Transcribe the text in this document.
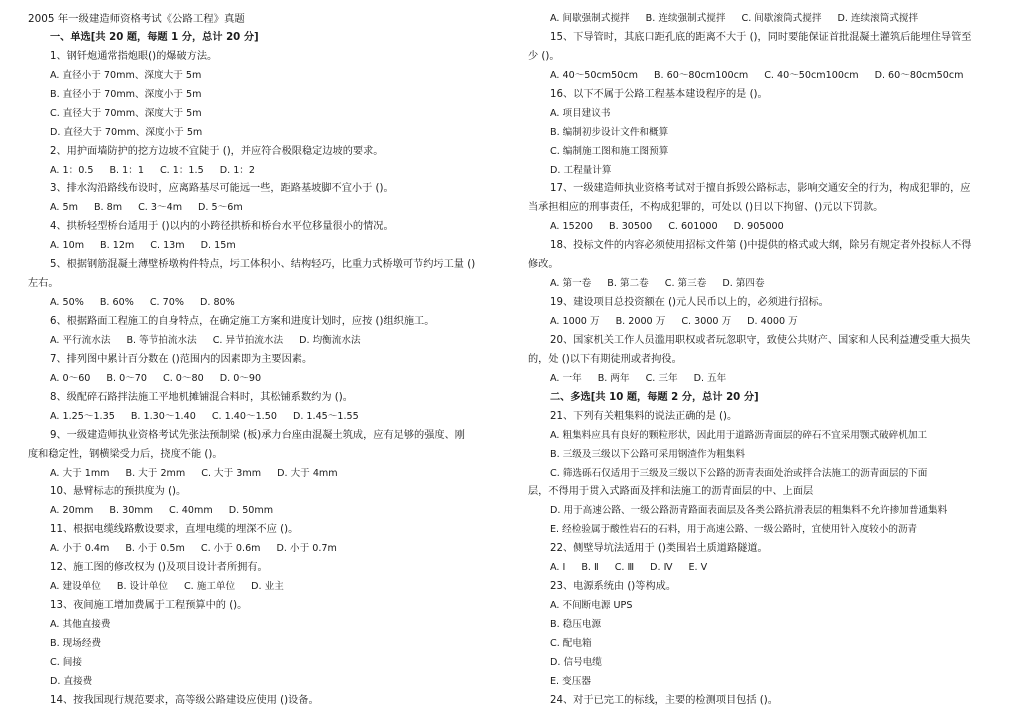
2005 年一级建造师资格考试《公路工程》真题
一、单选[共 20 题，每题 1 分，总计 20 分]
1、钢钎炮通常指炮眼()的爆破方法。
A. 直径小于 70mm、深度大于 5m
B. 直径小于 70mm、深度小于 5m
C. 直径大于 70mm、深度大于 5m
D. 直径大于 70mm、深度小于 5m
2、用护面墙防护的挖方边坡不宜陡于 ()，并应符合极限稳定边坡的要求。
A. 1：0.5 B. 1：1 C. 1：1.5 D. 1：2
3、排水沟沿路线布设时，应离路基尽可能远一些，距路基坡脚不宜小于 ()。
A. 5m B. 8m C. 3～4m D. 5～6m
4、拱桥轻型桥台适用于 ()以内的小跨径拱桥和桥台水平位移量很小的情况。
A. 10m B. 12m C. 13m D. 15m
5、根据钢筋混凝土薄壁桥墩构件特点，圬工体积小、结构轻巧，比重力式桥墩可节约圬工量 ()
左右。
A. 50% B. 60% C. 70% D. 80%
6、根据路面工程施工的自身特点，在确定施工方案和进度计划时，应按 ()组织施工。
A. 平行流水法 B. 等节拍流水法 C. 异节拍流水法 D. 均衡流水法
7、排列图中累计百分数在 ()范围内的因素即为主要因素。
A. 0～60 B. 0～70 C. 0～80 D. 0～90
8、级配碎石路拌法施工平地机摊铺混合料时，其松铺系数约为 ()。
A. 1.25～1.35 B. 1.30～1.40 C. 1.40～1.50 D. 1.45～1.55
9、一级建造师执业资格考试先张法预制梁 (板)承力台座由混凝土筑成，应有足够的强度、刚
度和稳定性，钢横梁受力后，挠度不能 ()。
A. 大于 1mm B. 大于 2mm C. 大于 3mm D. 大于 4mm
10、悬臂标志的预拱度为 ()。
A. 20mm B. 30mm C. 40mm D. 50mm
11、根据电缆线路敷设要求，直埋电缆的埋深不应 ()。
A. 小于 0.4m B. 小于 0.5m C. 小于 0.6m D. 小于 0.7m
12、施工图的修改权为 ()及项目设计者所拥有。
A. 建设单位 B. 设计单位 C. 施工单位 D. 业主
13、夜间施工增加费属于工程预算中的 ()。
A. 其他直接费
B. 现场经费
C. 间接
D. 直接费
14、按我国现行规范要求，高等级公路建设应使用 ()设备。
A. 间歇强制式搅拌 B. 连续强制式搅拌 C. 间歇滚筒式搅拌 D. 连续滚筒式搅拌
15、下导管时，其底口距孔底的距离不大于 ()，同时要能保证首批混凝土灌筑后能埋住导管至
少 ()。
A. 40～50cm50cm B. 60～80cm100cm C. 40～50cm100cm D. 60～80cm50cm
16、以下不属于公路工程基本建设程序的是 ()。
A. 项目建议书
B. 编制初步设计文件和概算
C. 编制施工图和施工图预算
D. 工程量计算
17、一级建造师执业资格考试对于擅自拆毁公路标志，影响交通安全的行为，构成犯罪的，应
当承担相应的刑事责任，不构成犯罪的，可处以 ()日以下拘留、()元以下罚款。
A. 15200 B. 30500 C. 601000 D. 905000
18、投标文件的内容必须使用招标文件第 ()中提供的格式或大纲，除另有规定者外投标人不得
修改。
A. 第一卷 B. 第二卷 C. 第三卷 D. 第四卷
19、建设项目总投资额在 ()元人民币以上的，必须进行招标。
A. 1000 万 B. 2000 万 C. 3000 万 D. 4000 万
20、国家机关工作人员滥用职权或者玩忽职守，致使公共财产、国家和人民利益遭受重大损失
的，处 ()以下有期徒刑或者拘役。
A. 一年 B. 两年 C. 三年 D. 五年
二、多选[共 10 题，每题 2 分，总计 20 分]
21、下列有关粗集料的说法正确的是 ()。
A. 粗集料应具有良好的颗粒形状，因此用于道路沥青面层的碎石不宜采用颚式破碎机加工
B. 三级及三级以下公路可采用钢渣作为粗集料
C. 筛选砾石仅适用于三级及三级以下公路的沥青表面处治或拌合法施工的沥青面层的下面
层，不得用于贯入式路面及拌和法施工的沥青面层的中、上面层
D. 用于高速公路、一级公路沥青路面表面层及各类公路抗滑表层的粗集料不允许掺加普通集料
E. 经检验属于酸性岩石的石料，用于高速公路、一级公路时，宜使用针入度较小的沥青
22、侧壁导坑法适用于 ()类围岩土质道路隧道。
A. Ⅰ B. Ⅱ C. Ⅲ D. Ⅳ E. Ⅴ
23、电源系统由 ()等构成。
A. 不间断电源 UPS
B. 稳压电源
C. 配电箱
D. 信号电缆
E. 变压器
24、对于已完工的标线，主要的检测项目包括 ()。
